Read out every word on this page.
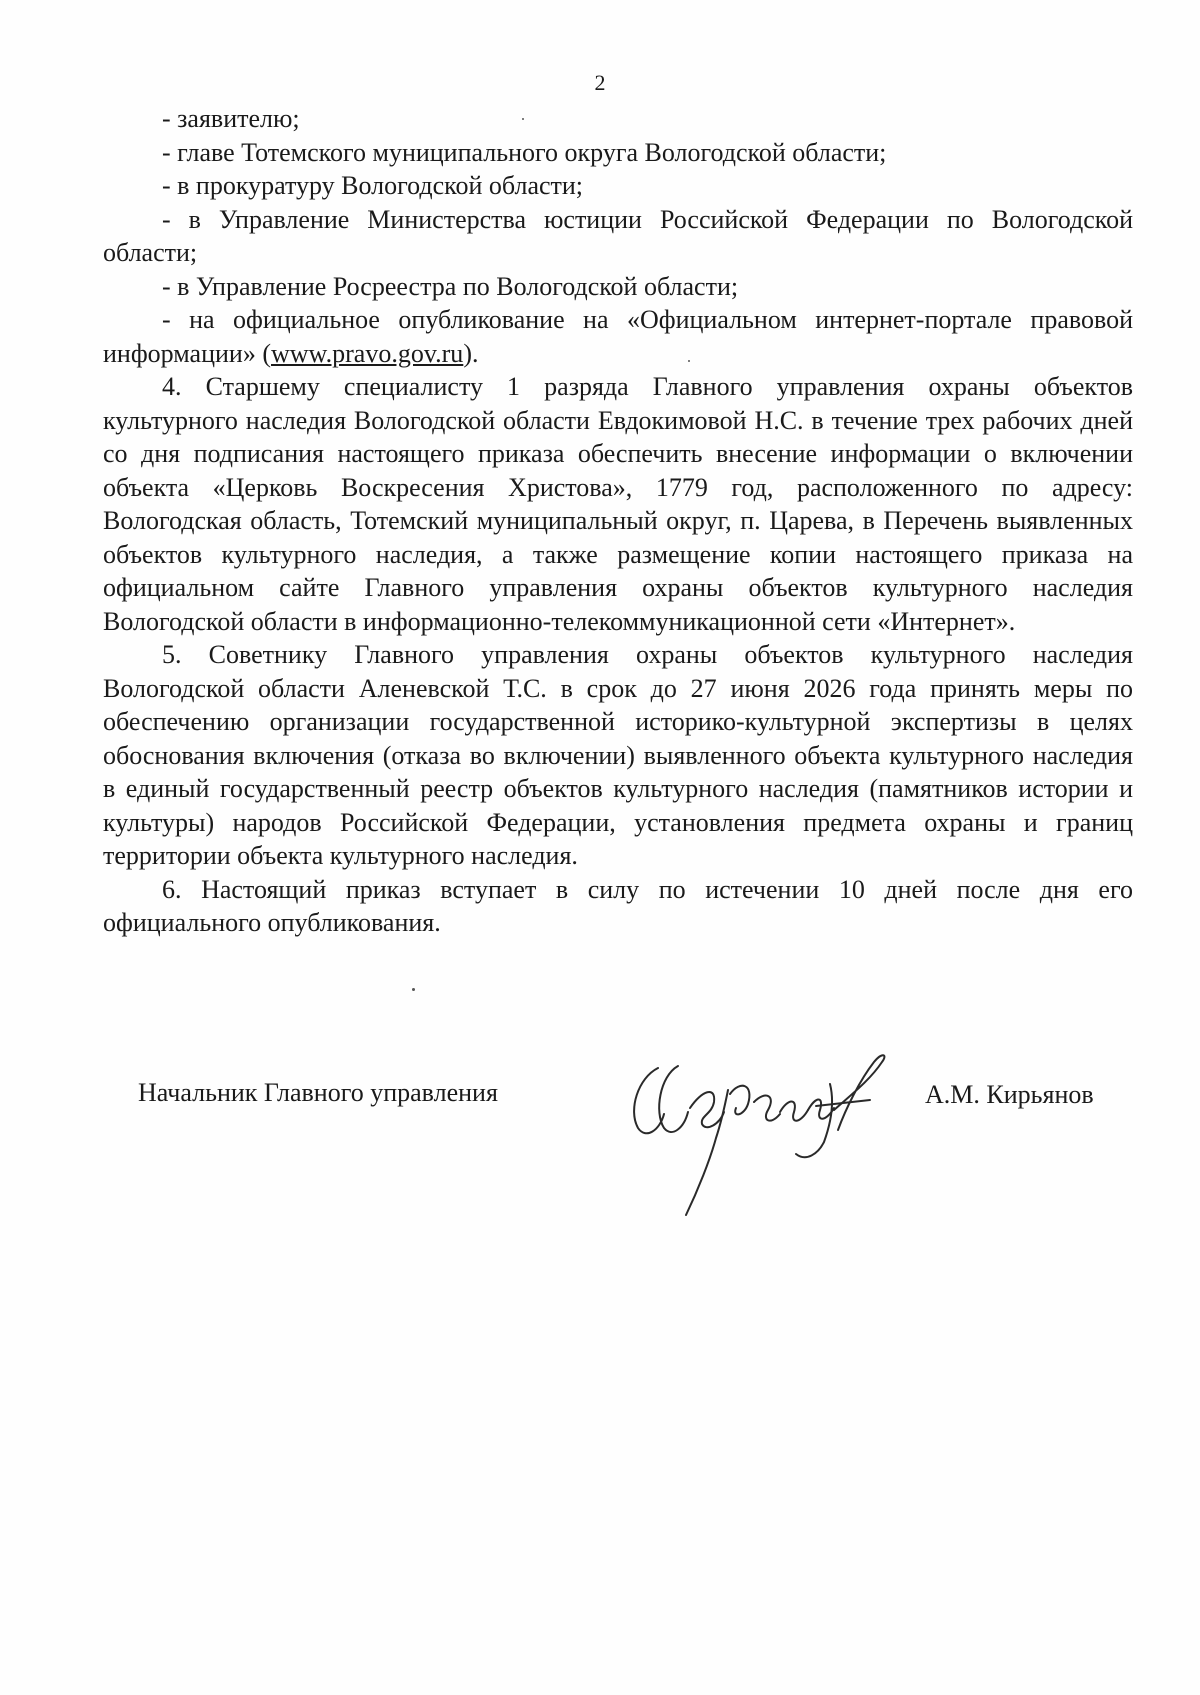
2

- заявителю;

- главе Тотемского муниципального округа Вологодской области;

- в прокуратуру Вологодской области;

- в Управление Министерства юстиции Российской Федерации по Вологодской области;

- в Управление Росреестра по Вологодской области;

- на официальное опубликование на «Официальном интернет-портале правовой информации» (www.pravo.gov.ru).

4. Старшему специалисту 1 разряда Главного управления охраны объектов культурного наследия Вологодской области Евдокимовой Н.С. в течение трех рабочих дней со дня подписания настоящего приказа обеспечить внесение информации о включении объекта «Церковь Воскресения Христова», 1779 год, расположенного по адресу: Вологодская область, Тотемский муниципальный округ, п. Царева, в Перечень выявленных объектов культурного наследия, а также размещение копии настоящего приказа на официальном сайте Главного управления охраны объектов культурного наследия Вологодской области в информационно-телекоммуникационной сети «Интернет».

5. Советнику Главного управления охраны объектов культурного наследия Вологодской области Аленевской Т.С. в срок до 27 июня 2026 года принять меры по обеспечению организации государственной историко-культурной экспертизы в целях обоснования включения (отказа во включении) выявленного объекта культурного наследия в единый государственный реестр объектов культурного наследия (памятников истории и культуры) народов Российской Федерации, установления предмета охраны и границ территории объекта культурного наследия.

6. Настоящий приказ вступает в силу по истечении 10 дней после дня его официального опубликования.

Начальник Главного управления	А.М. Кирьянов
